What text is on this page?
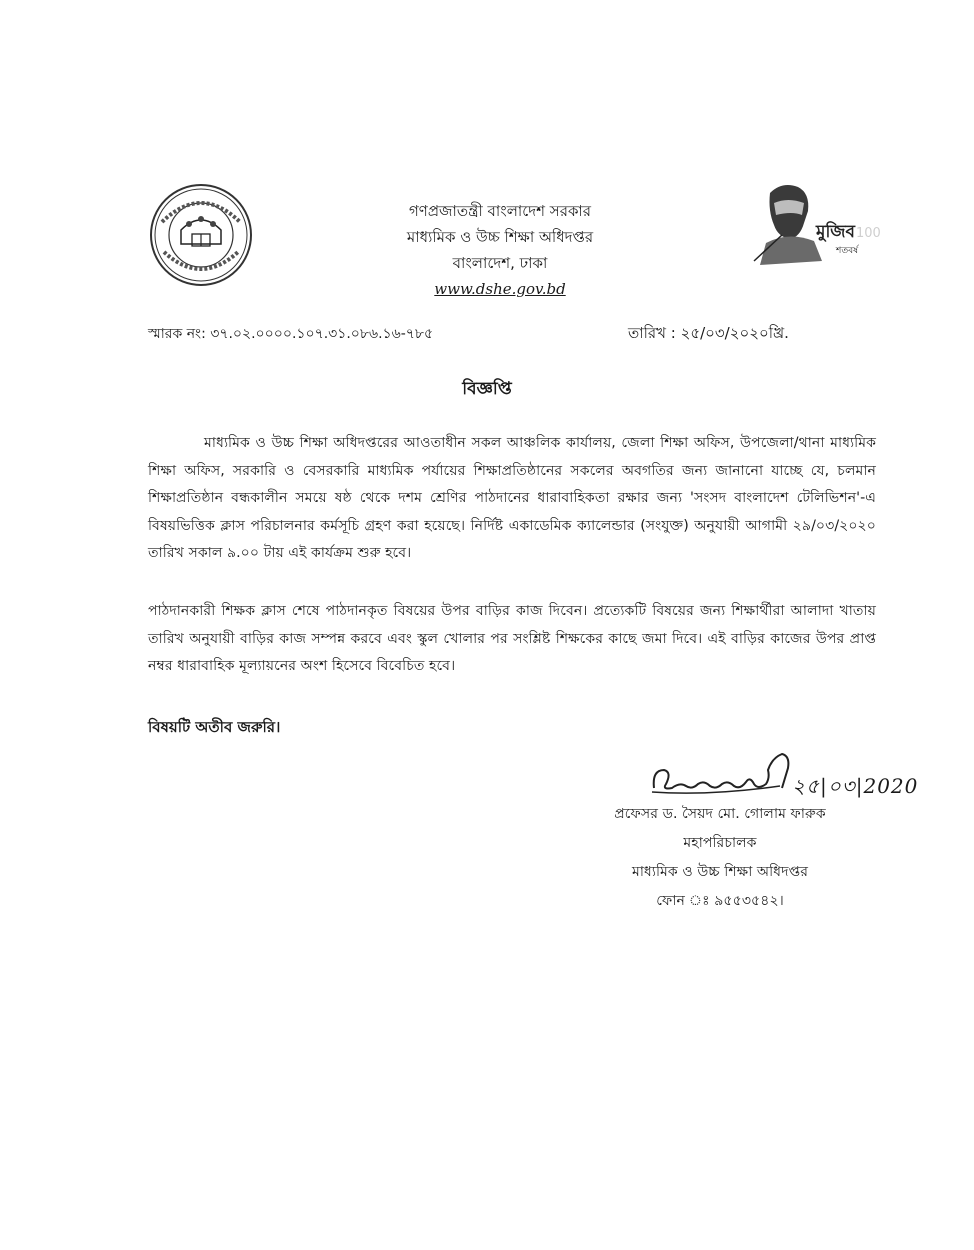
গণপ্রজাতন্ত্রী বাংলাদেশ সরকার
মাধ্যমিক ও উচ্চ শিক্ষা অধিদপ্তর
বাংলাদেশ, ঢাকা
www.dshe.gov.bd
মুজিব
শতবর্ষ
100
স্মারক নং: ৩৭.০২.০০০০.১০৭.৩১.০৮৬.১৬-৭৮৫	তারিখ : ২৫/০৩/২০২০খ্রি.
বিজ্ঞপ্তি
মাধ্যমিক ও উচ্চ শিক্ষা অধিদপ্তরের আওতাধীন সকল আঞ্চলিক কার্যালয়, জেলা শিক্ষা অফিস, উপজেলা/থানা মাধ্যমিক শিক্ষা অফিস, সরকারি ও বেসরকারি মাধ্যমিক পর্যায়ের শিক্ষাপ্রতিষ্ঠানের সকলের অবগতির জন্য জানানো যাচ্ছে যে, চলমান শিক্ষাপ্রতিষ্ঠান বন্ধকালীন সময়ে ষষ্ঠ থেকে দশম শ্রেণির পাঠদানের ধারাবাহিকতা রক্ষার জন্য 'সংসদ বাংলাদেশ টেলিভিশন'-এ বিষয়ভিত্তিক ক্লাস পরিচালনার কর্মসূচি গ্রহণ করা হয়েছে। নির্দিষ্ট একাডেমিক ক্যালেন্ডার (সংযুক্ত) অনুযায়ী আগামী ২৯/০৩/২০২০ তারিখ সকাল ৯.০০ টায় এই কার্যক্রম শুরু হবে।
পাঠদানকারী শিক্ষক ক্লাস শেষে পাঠদানকৃত বিষয়ের উপর বাড়ির কাজ দিবেন। প্রত্যেকটি বিষয়ের জন্য শিক্ষার্থীরা আলাদা খাতায় তারিখ অনুযায়ী বাড়ির কাজ সম্পন্ন করবে এবং স্কুল খোলার পর সংশ্লিষ্ট শিক্ষকের কাছে জমা দিবে। এই বাড়ির কাজের উপর প্রাপ্ত নম্বর ধারাবাহিক মূল্যায়নের অংশ হিসেবে বিবেচিত হবে।
বিষয়টি অতীব জরুরি।
২৫|০৩|2020
প্রফেসর ড. সৈয়দ মো. গোলাম ফারুক
মহাপরিচালক
মাধ্যমিক ও উচ্চ শিক্ষা অধিদপ্তর
ফোন ঃ ৯৫৫৩৫৪২।
